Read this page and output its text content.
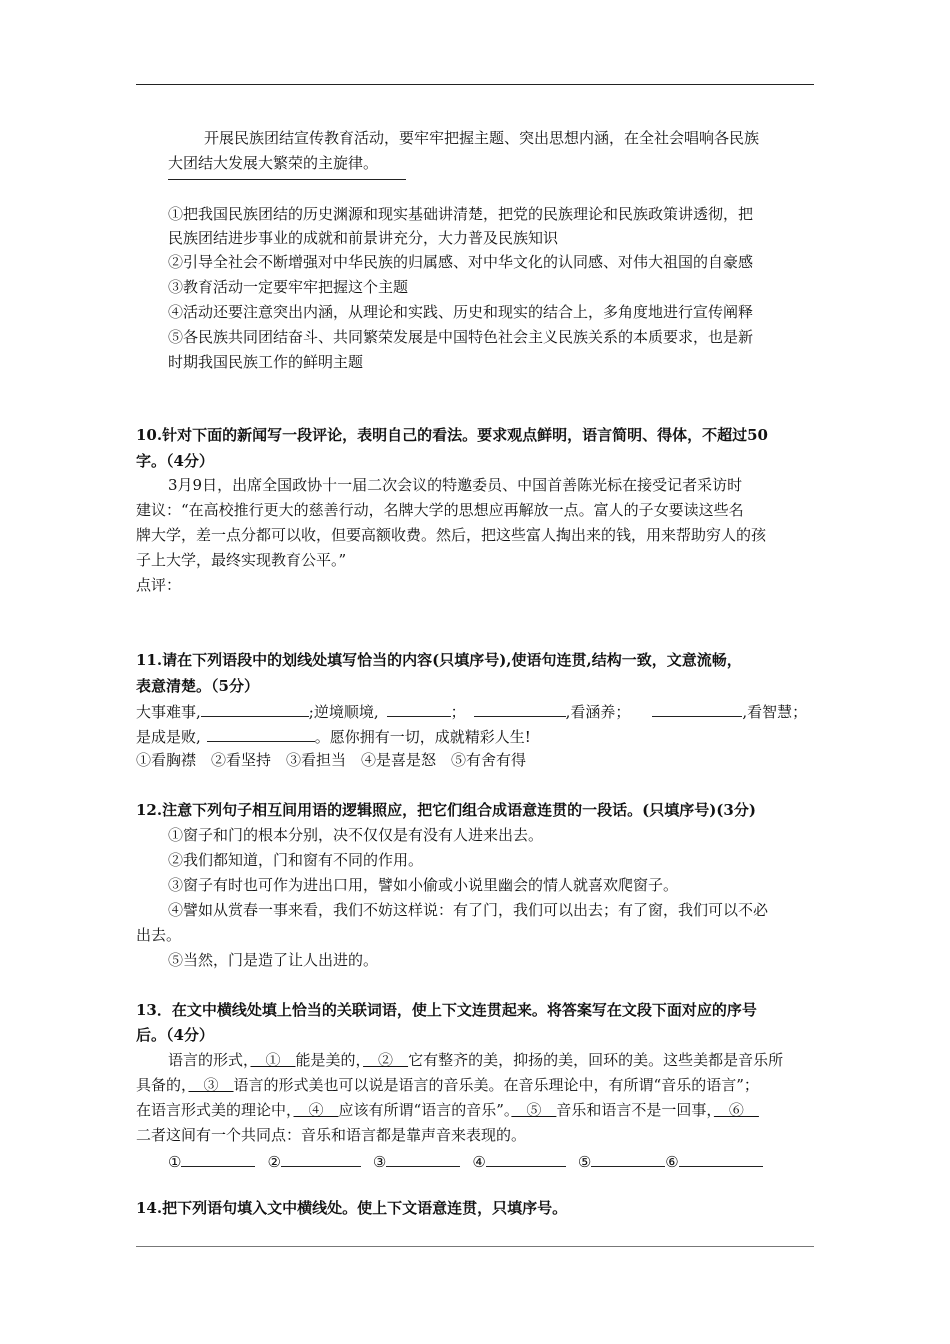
开展民族团结宣传教育活动，要牢牢把握主题、突出思想内涵，在全社会唱响各民族
大团结大发展大繁荣的主旋律。
①把我国民族团结的历史渊源和现实基础讲清楚，把党的民族理论和民族政策讲透彻，把
民族团结进步事业的成就和前景讲充分，大力普及民族知识
②引导全社会不断增强对中华民族的归属感、对中华文化的认同感、对伟大祖国的自豪感
③教育活动一定要牢牢把握这个主题
④活动还要注意突出内涵，从理论和实践、历史和现实的结合上，多角度地进行宣传阐释
⑤各民族共同团结奋斗、共同繁荣发展是中国特色社会主义民族关系的本质要求，也是新
时期我国民族工作的鲜明主题
10.针对下面的新闻写一段评论，表明自己的看法。要求观点鲜明，语言简明、得体，不超过50
字。（4分）
3月9日，出席全国政协十一届二次会议的特邀委员、中国首善陈光标在接受记者采访时
建议：“在高校推行更大的慈善行动，名牌大学的思想应再解放一点。富人的子女要读这些名
牌大学，差一点分都可以收，但要高额收费。然后，把这些富人掏出来的钱，用来帮助穷人的孩
子上大学，最终实现教育公平。”
点评：
11.请在下列语段中的划线处填写恰当的内容(只填序号),使语句连贯,结构一致，文意流畅，
表意清楚。（5分）
大事难事,	;逆境顺境,	；	,看涵养；	,看智慧；
是成是败,	。愿你拥有一切，成就精彩人生!
①看胸襟　②看坚持　③看担当　④是喜是怒　⑤有舍有得
12.注意下列句子相互间用语的逻辑照应，把它们组合成语意连贯的一段话。(只填序号)(3分)
①窗子和门的根本分别，决不仅仅是有没有人进来出去。
②我们都知道，门和窗有不同的作用。
③窗子有时也可作为进出口用，譬如小偷或小说里幽会的情人就喜欢爬窗子。
④譬如从赏春一事来看，我们不妨这样说：有了门，我们可以出去；有了窗，我们可以不必
出去。
⑤当然，门是造了让人出进的。
13．在文中横线处填上恰当的关联词语，使上下文连贯起来。将答案写在文段下面对应的序号
后。（4分）
语言的形式，　①　能是美的，　②　它有整齐的美，抑扬的美，回环的美。这些美都是音乐所
具备的，　③　语言的形式美也可以说是语言的音乐美。在音乐理论中，有所谓“音乐的语言”；
在语言形式美的理论中，　④　应该有所谓“语言的音乐”。　⑤　音乐和语言不是一回事，　⑥　
二者这间有一个共同点：音乐和语言都是靠声音来表现的。
①	②	③	④	⑤	⑥
14.把下列语句填入文中横线处。使上下文语意连贯，只填序号。
